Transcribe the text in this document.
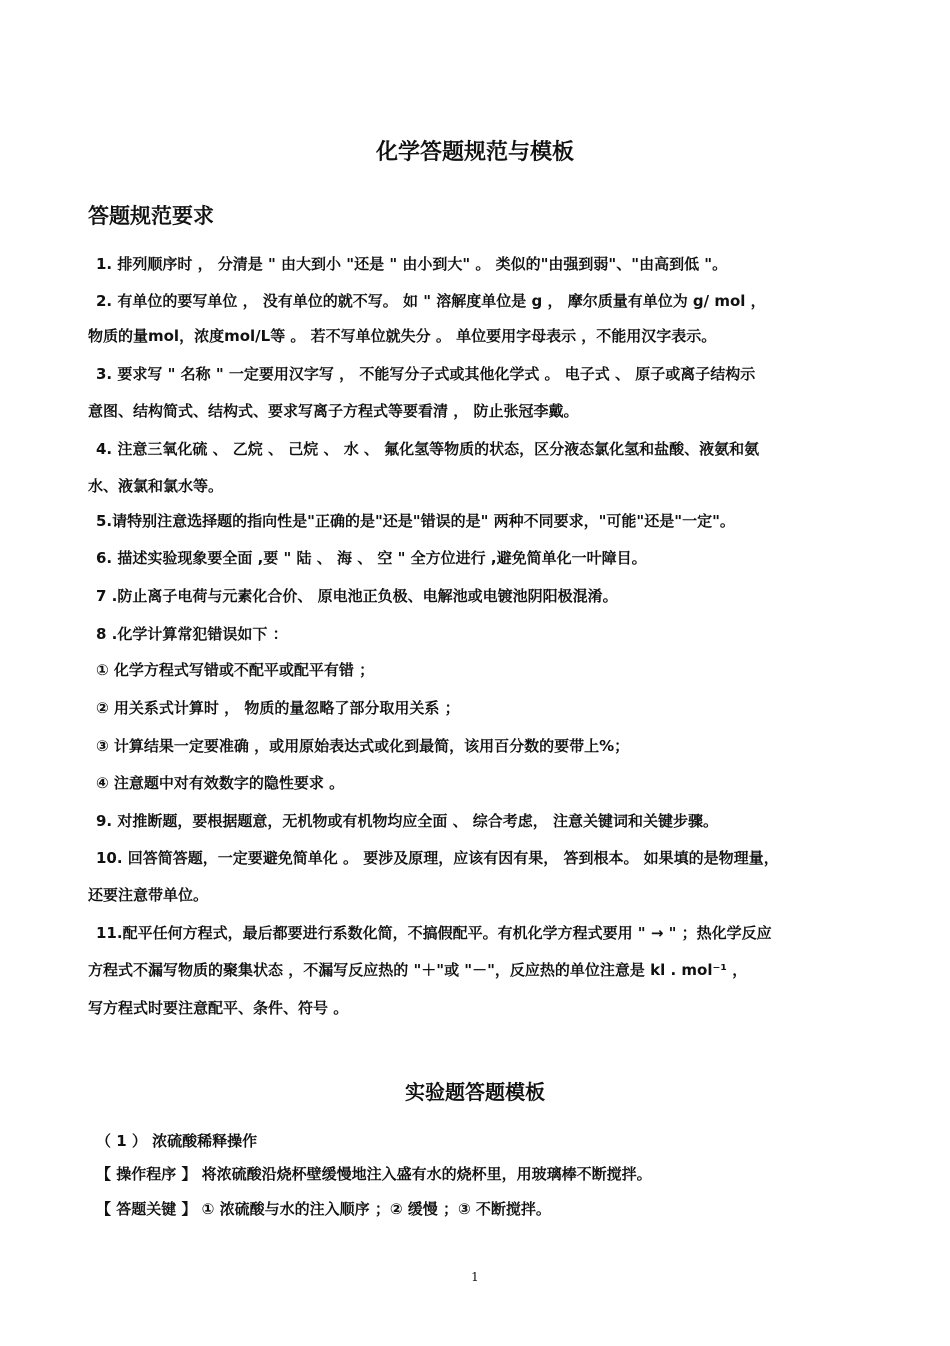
化学答题规范与模板
答题规范要求

1. 排列顺序时 ， 分清是 " 由大到小 "还是 " 由小到大" 。 类似的"由强到弱"、"由高到低 "。

2. 有单位的要写单位 ， 没有单位的就不写。 如 " 溶解度单位是 g ， 摩尔质量有单位为 g/ mol ，

物质的量mol，浓度mol/L等 。 若不写单位就失分 。 单位要用字母表示 ，不能用汉字表示。

3. 要求写 " 名称 " 一定要用汉字写 ， 不能写分子式或其他化学式 。 电子式 、 原子或离子结构示

意图、结构简式、结构式、要求写离子方程式等要看清 ， 防止张冠李戴。

4. 注意三氧化硫 、 乙烷 、 己烷 、 水 、 氟化氢等物质的状态，区分液态氯化氢和盐酸、液氨和氨

水、液氯和氯水等。

5.请特别注意选择题的指向性是"正确的是"还是"错误的是" 两种不同要求，"可能"还是"一定"。

6. 描述实验现象要全面 ,要 " 陆 、 海 、 空 " 全方位进行 ,避免简单化一叶障目。

7 .防止离子电荷与元素化合价、 原电池正负极、电解池或电镀池阴阳极混淆。

8 .化学计算常犯错误如下 ：

① 化学方程式写错或不配平或配平有错 ；

② 用关系式计算时 ， 物质的量忽略了部分取用关系 ；

③ 计算结果一定要准确 ，或用原始表达式或化到最简，该用百分数的要带上%；

④ 注意题中对有效数字的隐性要求 。

9. 对推断题，要根据题意，无机物或有机物均应全面 、 综合考虑， 注意关键词和关键步骤。

10. 回答简答题，一定要避免简单化 。 要涉及原理，应该有因有果， 答到根本。 如果填的是物理量，

还要注意带单位。

11.配平任何方程式，最后都要进行系数化简，不搞假配平。有机化学方程式要用 " → " ；热化学反应

方程式不漏写物质的聚集状态 ，不漏写反应热的 "＋"或 "－"，反应热的单位注意是 kl . mol⁻¹ ，

写方程式时要注意配平、条件、符号 。

实验题答题模板

（ 1 ） 浓硫酸稀释操作

【 操作程序 】 将浓硫酸沿烧杯壁缓慢地注入盛有水的烧杯里，用玻璃棒不断搅拌。

【 答题关键 】 ① 浓硫酸与水的注入顺序 ；② 缓慢 ；③ 不断搅拌。

1
